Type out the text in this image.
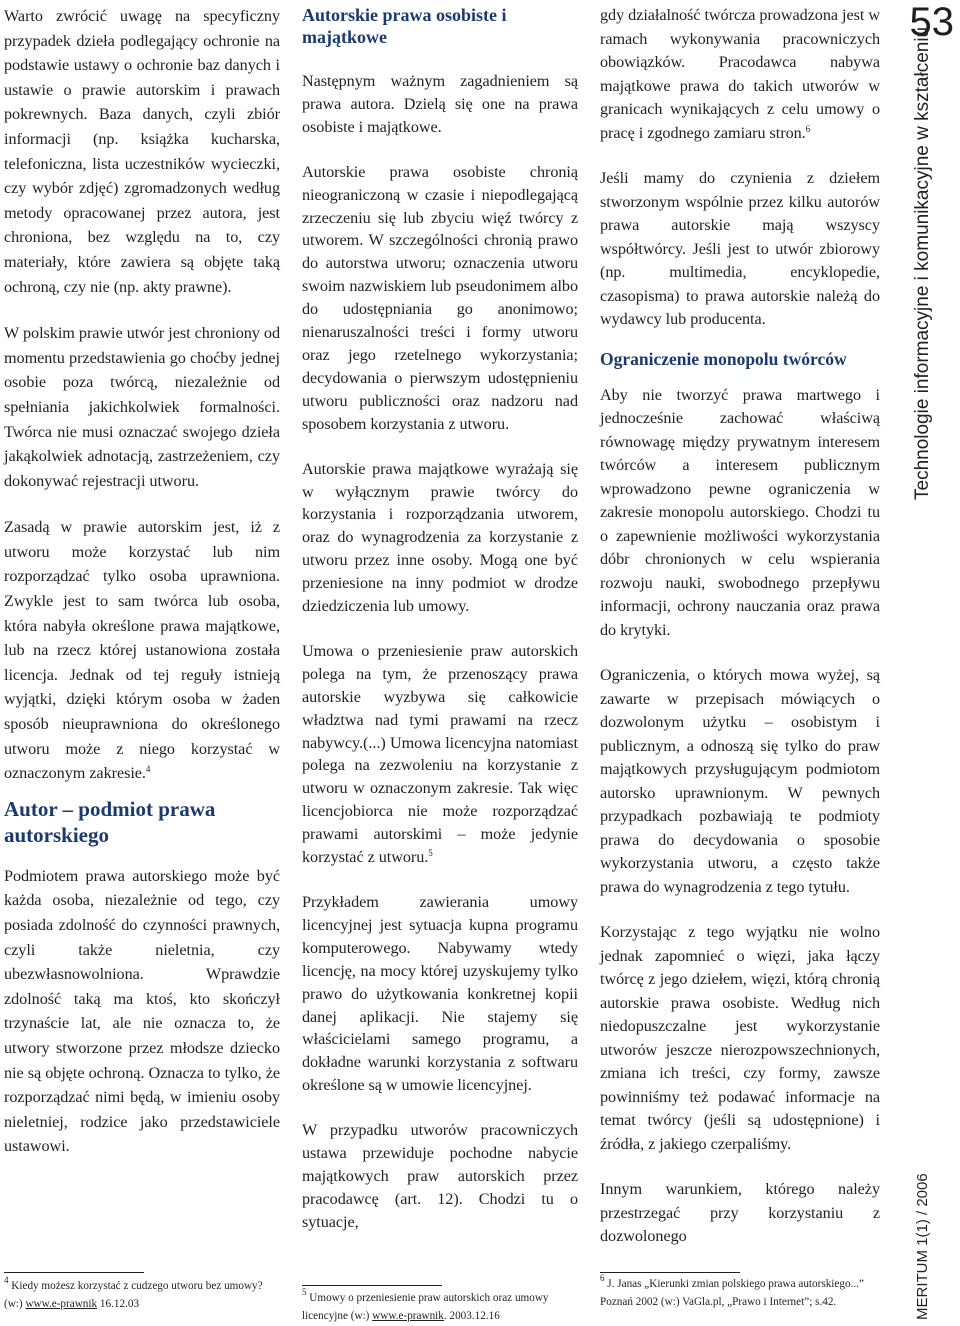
53
Technologie informacyjne i komunikacyjne w kształceniu
MERITUM 1(1) / 2006

Warto zwrócić uwagę na specyficzny przypadek dzieła podlegający ochronie na podstawie ustawy o ochronie baz danych i ustawie o prawie autorskim i prawach pokrewnych. Baza danych, czyli zbiór informacji (np. książka kucharska, telefoniczna, lista uczestników wycieczki, czy wybór zdjęć) zgromadzonych według metody opracowanej przez autora, jest chroniona, bez względu na to, czy materiały, które zawiera są objęte taką ochroną, czy nie (np. akty prawne).

W polskim prawie utwór jest chroniony od momentu przedstawienia go choćby jednej osobie poza twórcą, niezależnie od spełniania jakichkolwiek formalności. Twórca nie musi oznaczać swojego dzieła jakąkolwiek adnotacją, zastrzeżeniem, czy dokonywać rejestracji utworu.

Zasadą w prawie autorskim jest, iż z utworu może korzystać lub nim rozporządzać tylko osoba uprawniona. Zwykle jest to sam twórca lub osoba, która nabyła określone prawa majątkowe, lub na rzecz której ustanowiona została licencja. Jednak od tej reguły istnieją wyjątki, dzięki którym osoba w żaden sposób nieuprawniona do określonego utworu może z niego korzystać w oznaczonym zakresie.$^4$

Autor – podmiot prawa autorskiego

Podmiotem prawa autorskiego może być każda osoba, niezależnie od tego, czy posiada zdolność do czynności prawnych, czyli także nieletnia, czy ubezwłasnowolniona. Wprawdzie zdolność taką ma ktoś, kto skończył trzynaście lat, ale nie oznacza to, że utwory stworzone przez młodsze dziecko nie są objęte ochroną. Oznacza to tylko, że rozporządzać nimi będą, w imieniu osoby nieletniej, rodzice jako przedstawiciele ustawowi.

$^4$ Kiedy możesz korzystać z cudzego utworu bez umowy? (w:) www.e-prawnik 16.12.03
Autorskie prawa osobiste i majątkowe

Następnym ważnym zagadnieniem są prawa autora. Dzielą się one na prawa osobiste i majątkowe.

Autorskie prawa osobiste chronią nieograniczoną w czasie i niepodlegającą zrzeczeniu się lub zbyciu więź twórcy z utworem. W szczególności chronią prawo do autorstwa utworu; oznaczenia utworu swoim nazwiskiem lub pseudonimem albo do udostępniania go anonimowo; nienaruszalności treści i formy utworu oraz jego rzetelnego wykorzystania; decydowania o pierwszym udostępnieniu utworu publiczności oraz nadzoru nad sposobem korzystania z utworu.

Autorskie prawa majątkowe wyrażają się w wyłącznym prawie twórcy do korzystania i rozporządzania utworem, oraz do wynagrodzenia za korzystanie z utworu przez inne osoby. Mogą one być przeniesione na inny podmiot w drodze dziedziczenia lub umowy.

Umowa o przeniesienie praw autorskich polega na tym, że przenoszący prawa autorskie wyzbywa się całkowicie władztwa nad tymi prawami na rzecz nabywcy.(...) Umowa licencyjna natomiast polega na zezwoleniu na korzystanie z utworu w oznaczonym zakresie. Tak więc licencjobiorca nie może rozporządzać prawami autorskimi – może jedynie korzystać z utworu.$^5$

Przykładem zawierania umowy licencyjnej jest sytuacja kupna programu komputerowego. Nabywamy wtedy licencję, na mocy której uzyskujemy tylko prawo do użytkowania konkretnej kopii danej aplikacji. Nie stajemy się właścicielami samego programu, a dokładne warunki korzystania z softwaru określone są w umowie licencyjnej.

W przypadku utworów pracowniczych ustawa przewiduje pochodne nabycie majątkowych praw autorskich przez pracodawcę (art. 12). Chodzi tu o sytuacje,

$^5$ Umowy o przeniesienie praw autorskich oraz umowy licencyjne (w:) www.e-prawnik. 2003.12.16

gdy działalność twórcza prowadzona jest w ramach wykonywania pracowniczych obowiązków. Pracodawca nabywa majątkowe prawa do takich utworów w granicach wynikających z celu umowy o pracę i zgodnego zamiaru stron.$^6$

Jeśli mamy do czynienia z dziełem stworzonym wspólnie przez kilku autorów prawa autorskie mają wszyscy współtwórcy. Jeśli jest to utwór zbiorowy (np. multimedia, encyklopedie, czasopisma) to prawa autorskie należą do wydawcy lub producenta.

Ograniczenie monopolu twórców

Aby nie tworzyć prawa martwego i jednocześnie zachować właściwą równowagę między prywatnym interesem twórców a interesem publicznym wprowadzono pewne ograniczenia w zakresie monopolu autorskiego. Chodzi tu o zapewnienie możliwości wykorzystania dóbr chronionych w celu wspierania rozwoju nauki, swobodnego przepływu informacji, ochrony nauczania oraz prawa do krytyki.

Ograniczenia, o których mowa wyżej, są zawarte w przepisach mówiących o dozwolonym użytku – osobistym i publicznym, a odnoszą się tylko do praw majątkowych przysługującym podmiotom autorsko uprawnionym. W pewnych przypadkach pozbawiają te podmioty prawa do decydowania o sposobie wykorzystania utworu, a często także prawa do wynagrodzenia z tego tytułu.

Korzystając z tego wyjątku nie wolno jednak zapomnieć o więzi, jaka łączy twórcę z jego dziełem, więzi, którą chronią autorskie prawa osobiste. Według nich niedopuszczalne jest wykorzystanie utworów jeszcze nierozpowszechnionych, zmiana ich treści, czy formy, zawsze powinniśmy też podawać informacje na temat twórcy (jeśli są udostępnione) i źródła, z jakiego czerpaliśmy.

Innym warunkiem, którego należy przestrzegać przy korzystaniu z dozwolonego

$^6$ J. Janas „Kierunki zmian polskiego prawa autorskiego...” Poznań 2002 (w:) VaGla.pl, „Prawo i Internet”; s.42.
